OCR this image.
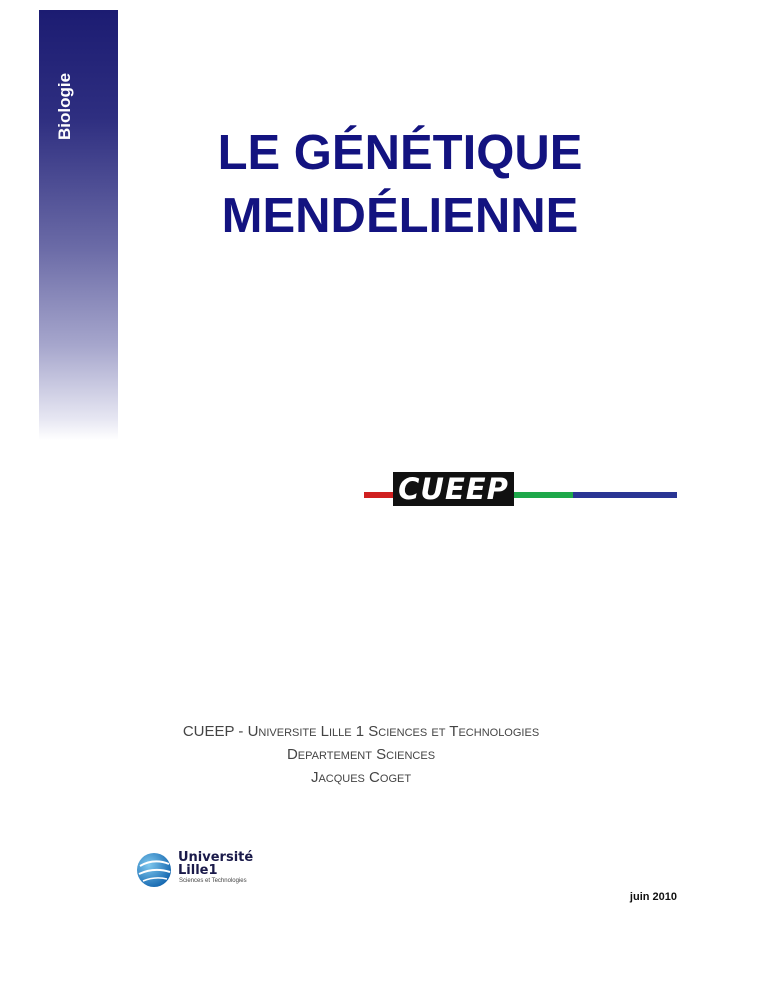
Biologie
LE GÉNÉTIQUE
MENDÉLIENNE
CUEEP
CUEEP - Universite Lille 1 Sciences et Technologies
Departement Sciences
Jacques Coget
Université
Lille1
Sciences et Technologies
juin 2010
